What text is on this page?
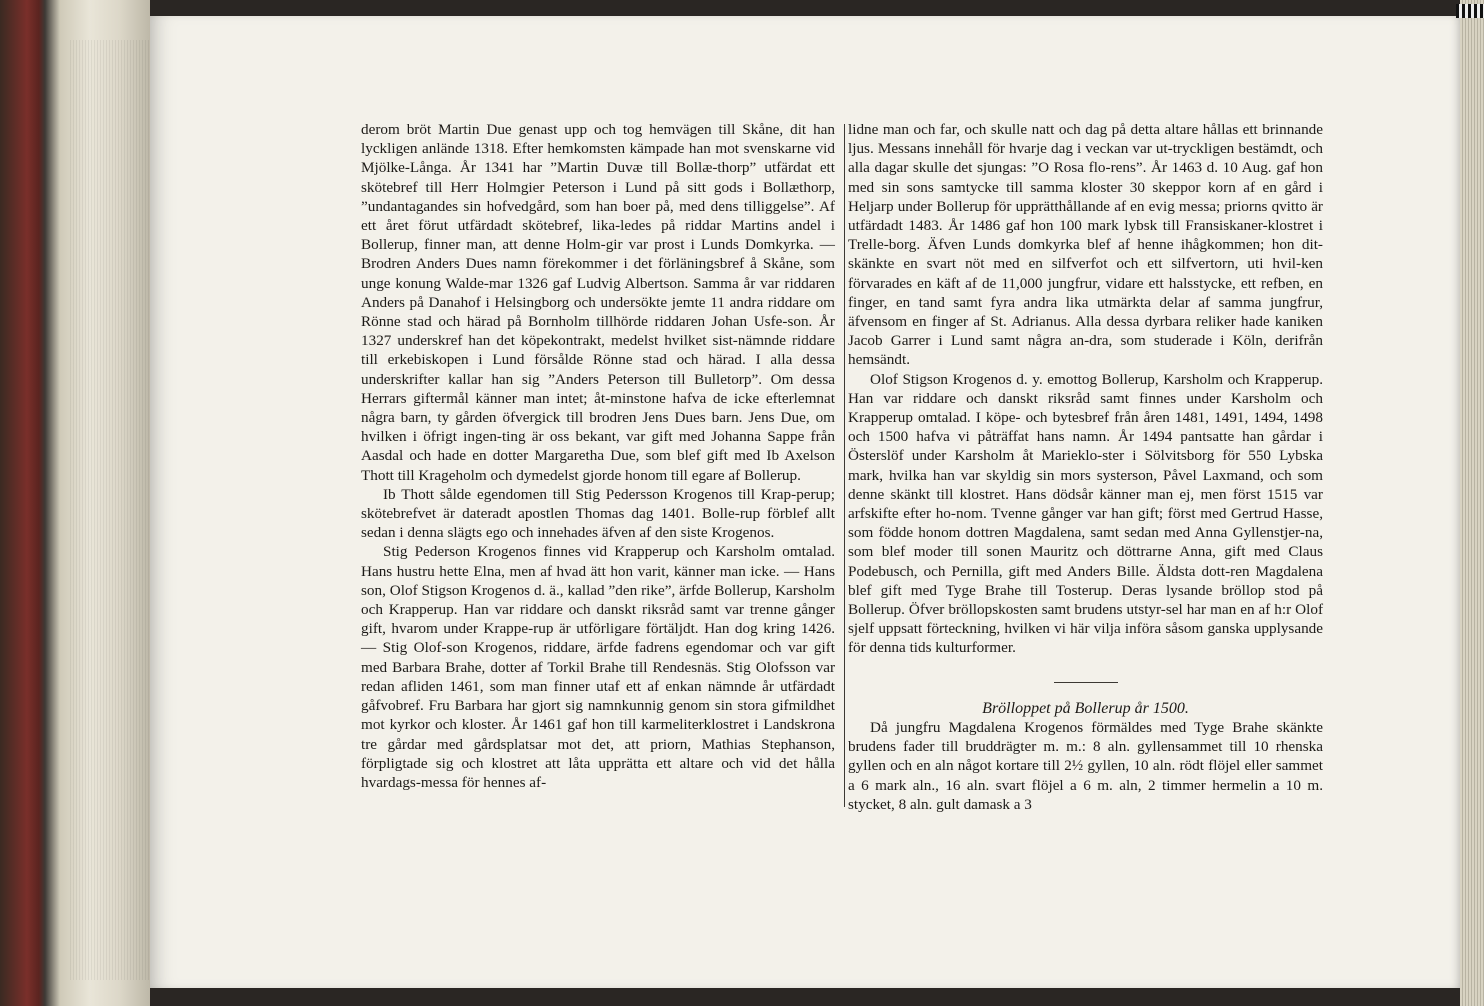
derom bröt Martin Due genast upp och tog hemvägen till Skåne, dit han lyckligen anlände 1318. Efter hemkomsten kämpade han mot svenskarne vid Mjölke-Långa. År 1341 har ”Martin Duvæ till Bollæ-thorp” utfärdat ett skötebref till Herr Holmgier Peterson i Lund på sitt gods i Bollæthorp, ”undantagandes sin hofvedgård, som han boer på, med dens tilliggelse”. Af ett året förut utfärdadt skötebref, lika-ledes på riddar Martins andel i Bollerup, finner man, att denne Holm-gir var prost i Lunds Domkyrka. — Brodren Anders Dues namn förekommer i det förläningsbref å Skåne, som unge konung Walde-mar 1326 gaf Ludvig Albertson. Samma år var riddaren Anders på Danahof i Helsingborg och undersökte jemte 11 andra riddare om Rönne stad och härad på Bornholm tillhörde riddaren Johan Usfe-son. År 1327 underskref han det köpekontrakt, medelst hvilket sist-nämnde riddare till erkebiskopen i Lund försålde Rönne stad och härad. I alla dessa underskrifter kallar han sig ”Anders Peterson till Bulletorp”. Om dessa Herrars giftermål känner man intet; åt-minstone hafva de icke efterlemnat några barn, ty gården öfvergick till brodren Jens Dues barn. Jens Due, om hvilken i öfrigt ingen-ting är oss bekant, var gift med Johanna Sappe från Aasdal och hade en dotter Margaretha Due, som blef gift med Ib Axelson Thott till Krageholm och dymedelst gjorde honom till egare af Bollerup.

Ib Thott sålde egendomen till Stig Pedersson Krogenos till Krap-perup; skötebrefvet är dateradt apostlen Thomas dag 1401. Bolle-rup förblef allt sedan i denna slägts ego och innehades äfven af den siste Krogenos.

Stig Pederson Krogenos finnes vid Krapperup och Karsholm omtalad. Hans hustru hette Elna, men af hvad ätt hon varit, känner man icke. — Hans son, Olof Stigson Krogenos d. ä., kallad ”den rike”, ärfde Bollerup, Karsholm och Krapperup. Han var riddare och danskt riksråd samt var trenne gånger gift, hvarom under Krappe-rup är utförligare förtäljdt. Han dog kring 1426. — Stig Olof-son Krogenos, riddare, ärfde fadrens egendomar och var gift med Barbara Brahe, dotter af Torkil Brahe till Rendesnäs. Stig Olofsson var redan afliden 1461, som man finner utaf ett af enkan nämnde år utfärdadt gåfvobref. Fru Barbara har gjort sig namnkunnig genom sin stora gifmildhet mot kyrkor och kloster. År 1461 gaf hon till karmeliterklostret i Landskrona tre gårdar med gårdsplatsar mot det, att priorn, Mathias Stephanson, förpligtade sig och klostret att låta upprätta ett altare och vid det hålla hvardags-messa för hennes af-

lidne man och far, och skulle natt och dag på detta altare hållas ett brinnande ljus. Messans innehåll för hvarje dag i veckan var ut-tryckligen bestämdt, och alla dagar skulle det sjungas: ”O Rosa flo-rens”. År 1463 d. 10 Aug. gaf hon med sin sons samtycke till samma kloster 30 skeppor korn af en gård i Heljarp under Bollerup för upprätthållande af en evig messa; priorns qvitto är utfärdadt 1483. År 1486 gaf hon 100 mark lybsk till Fransiskaner-klostret i Trelle-borg. Äfven Lunds domkyrka blef af henne ihågkommen; hon dit-skänkte en svart nöt med en silfverfot och ett silfvertorn, uti hvil-ken förvarades en käft af de 11,000 jungfrur, vidare ett halsstycke, ett refben, en finger, en tand samt fyra andra lika utmärkta delar af samma jungfrur, äfvensom en finger af St. Adrianus. Alla dessa dyrbara reliker hade kaniken Jacob Garrer i Lund samt några an-dra, som studerade i Köln, derifrån hemsändt.

Olof Stigson Krogenos d. y. emottog Bollerup, Karsholm och Krapperup. Han var riddare och danskt riksråd samt finnes under Karsholm och Krapperup omtalad. I köpe- och bytesbref från åren 1481, 1491, 1494, 1498 och 1500 hafva vi påträffat hans namn. År 1494 pantsatte han gårdar i Österslöf under Karsholm åt Marieklo-ster i Sölvitsborg för 550 Lybska mark, hvilka han var skyldig sin mors systerson, Påvel Laxmand, och som denne skänkt till klostret. Hans dödsår känner man ej, men först 1515 var arfskifte efter ho-nom. Tvenne gånger var han gift; först med Gertrud Hasse, som födde honom dottren Magdalena, samt sedan med Anna Gyllenstjer-na, som blef moder till sonen Mauritz och döttrarne Anna, gift med Claus Podebusch, och Pernilla, gift med Anders Bille. Äldsta dott-ren Magdalena blef gift med Tyge Brahe till Tosterup. Deras lysande bröllop stod på Bollerup. Öfver bröllopskosten samt brudens utstyr-sel har man en af h:r Olof sjelf uppsatt förteckning, hvilken vi här vilja införa såsom ganska upplysande för denna tids kulturformer.

Brölloppet på Bollerup år 1500.

Då jungfru Magdalena Krogenos förmäldes med Tyge Brahe skänkte brudens fader till bruddrägter m. m.: 8 aln. gyllensammet till 10 rhenska gyllen och en aln något kortare till 2½ gyllen, 10 aln. rödt flöjel eller sammet a 6 mark aln., 16 aln. svart flöjel a 6 m. aln, 2 timmer hermelin a 10 m. stycket, 8 aln. gult damask a 3
